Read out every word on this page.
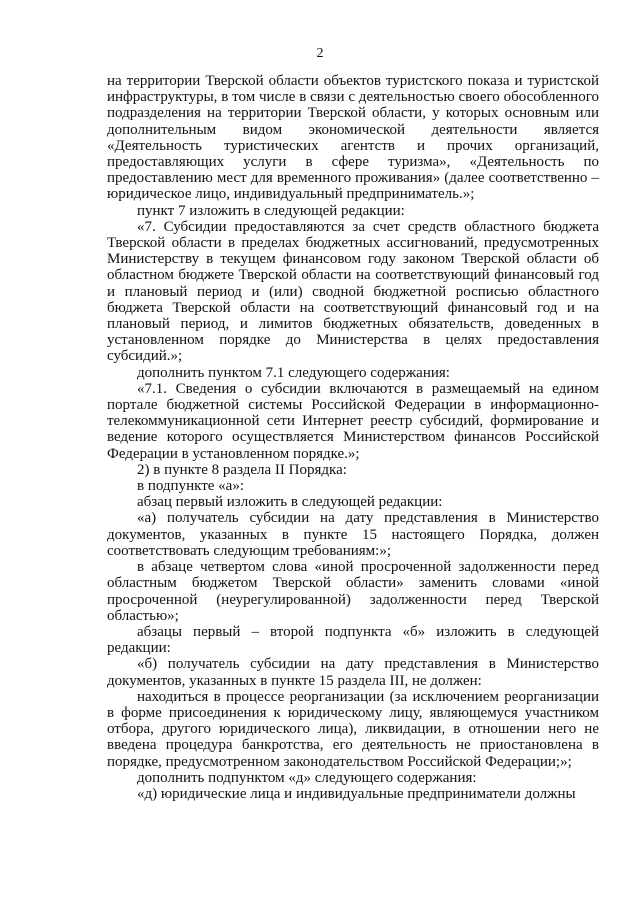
2

на территории Тверской области объектов туристского показа и туристской инфраструктуры, в том числе в связи с деятельностью своего обособленного подразделения на территории Тверской области, у которых основным или дополнительным видом экономической деятельности является «Деятельность туристических агентств и прочих организаций, предоставляющих услуги в сфере туризма», «Деятельность по предоставлению мест для временного проживания» (далее соответственно – юридическое лицо, индивидуальный предприниматель.»;

пункт 7 изложить в следующей редакции:

«7. Субсидии предоставляются за счет средств областного бюджета Тверской области в пределах бюджетных ассигнований, предусмотренных Министерству в текущем финансовом году законом Тверской области об областном бюджете Тверской области на соответствующий финансовый год и плановый период и (или) сводной бюджетной росписью областного бюджета Тверской области на соответствующий финансовый год и на плановый период, и лимитов бюджетных обязательств, доведенных в установленном порядке до Министерства в целях предоставления субсидий.»;

дополнить пунктом 7.1 следующего содержания:

«7.1. Сведения о субсидии включаются в размещаемый на едином портале бюджетной системы Российской Федерации в информационно-телекоммуникационной сети Интернет реестр субсидий, формирование и ведение которого осуществляется Министерством финансов Российской Федерации в установленном порядке.»;

2) в пункте 8 раздела II Порядка:

в подпункте «а»:

абзац первый изложить в следующей редакции:

«а) получатель субсидии на дату представления в Министерство документов, указанных в пункте 15 настоящего Порядка, должен соответствовать следующим требованиям:»;

в абзаце четвертом слова «иной просроченной задолженности перед областным бюджетом Тверской области» заменить словами «иной просроченной (неурегулированной) задолженности перед Тверской областью»;

абзацы первый – второй подпункта «б» изложить в следующей редакции:

«б) получатель субсидии на дату представления в Министерство документов, указанных в пункте 15 раздела III, не должен:

находиться в процессе реорганизации (за исключением реорганизации в форме присоединения к юридическому лицу, являющемуся участником отбора, другого юридического лица), ликвидации, в отношении него не введена процедура банкротства, его деятельность не приостановлена в порядке, предусмотренном законодательством Российской Федерации;»;

дополнить подпунктом «д» следующего содержания:

«д) юридические лица и индивидуальные предприниматели должны
